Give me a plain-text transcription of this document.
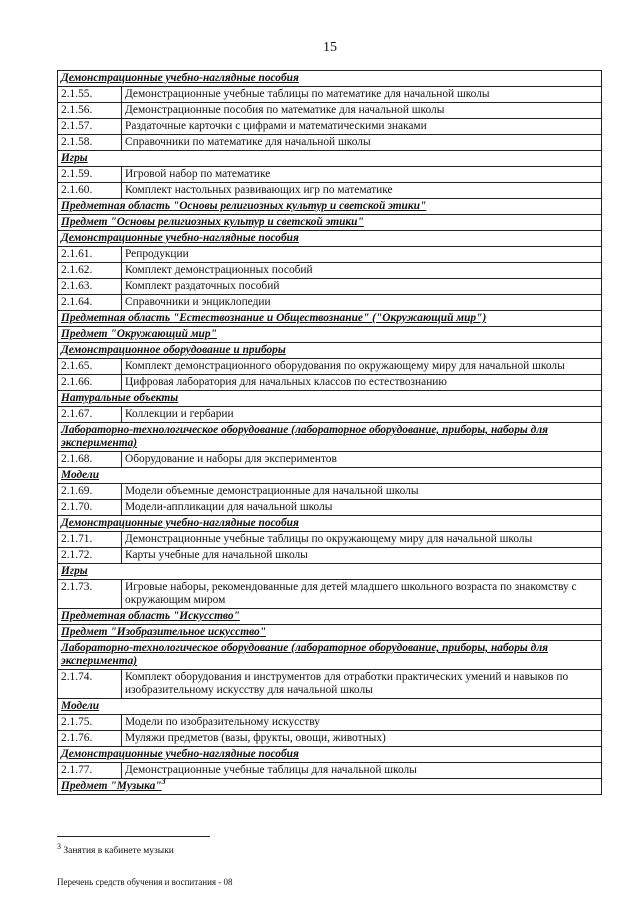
15
Демонстрационные учебно-наглядные пособия	
2.1.55.	Демонстрационные учебные таблицы по математике для начальной школы
2.1.56.	Демонстрационные пособия по математике для начальной школы
2.1.57.	Раздаточные карточки с цифрами и математическими знаками
2.1.58.	Справочники по математике для начальной школы
Игры	
2.1.59.	Игровой набор по математике
2.1.60.	Комплект настольных развивающих игр по математике
Предметная область "Основы религиозных культур и светской этики"	
Предмет "Основы религиозных культур и светской этики"	
Демонстрационные учебно-наглядные пособия	
2.1.61.	Репродукции
2.1.62.	Комплект демонстрационных пособий
2.1.63.	Комплект раздаточных пособий
2.1.64.	Справочники и энциклопедии
Предметная область "Естествознание и Обществознание" ("Окружающий мир")	
Предмет "Окружающий мир"	
Демонстрационное оборудование и приборы	
2.1.65.	Комплект демонстрационного оборудования по окружающему миру для начальной школы
2.1.66.	Цифровая лаборатория для начальных классов по естествознанию
Натуральные объекты	
2.1.67.	Коллекции и гербарии
Лабораторно-технологическое оборудование (лабораторное оборудование, приборы, наборы для эксперимента)	
2.1.68.	Оборудование и наборы для экспериментов
Модели	
2.1.69.	Модели объемные демонстрационные для начальной школы
2.1.70.	Модели-аппликации для начальной школы
Демонстрационные учебно-наглядные пособия	
2.1.71.	Демонстрационные учебные таблицы по окружающему миру для начальной школы
2.1.72.	Карты учебные для начальной школы
Игры	
2.1.73.	Игровые наборы, рекомендованные для детей младшего школьного возраста по знакомству с окружающим миром
Предметная область "Искусство"	
Предмет "Изобразительное искусство"	
Лабораторно-технологическое оборудование (лабораторное оборудование, приборы, наборы для эксперимента)	
2.1.74.	Комплект оборудования и инструментов для отработки практических умений и навыков по изобразительному искусству для начальной школы
Модели	
2.1.75.	Модели по изобразительному искусству
2.1.76.	Муляжи предметов (вазы, фрукты, овощи, животных)
Демонстрационные учебно-наглядные пособия	
2.1.77.	Демонстрационные учебные таблицы для начальной школы
Предмет "Музыка"$^3$
$^3$ Занятия в кабинете музыки
Перечень средств обучения и воспитания - 08
